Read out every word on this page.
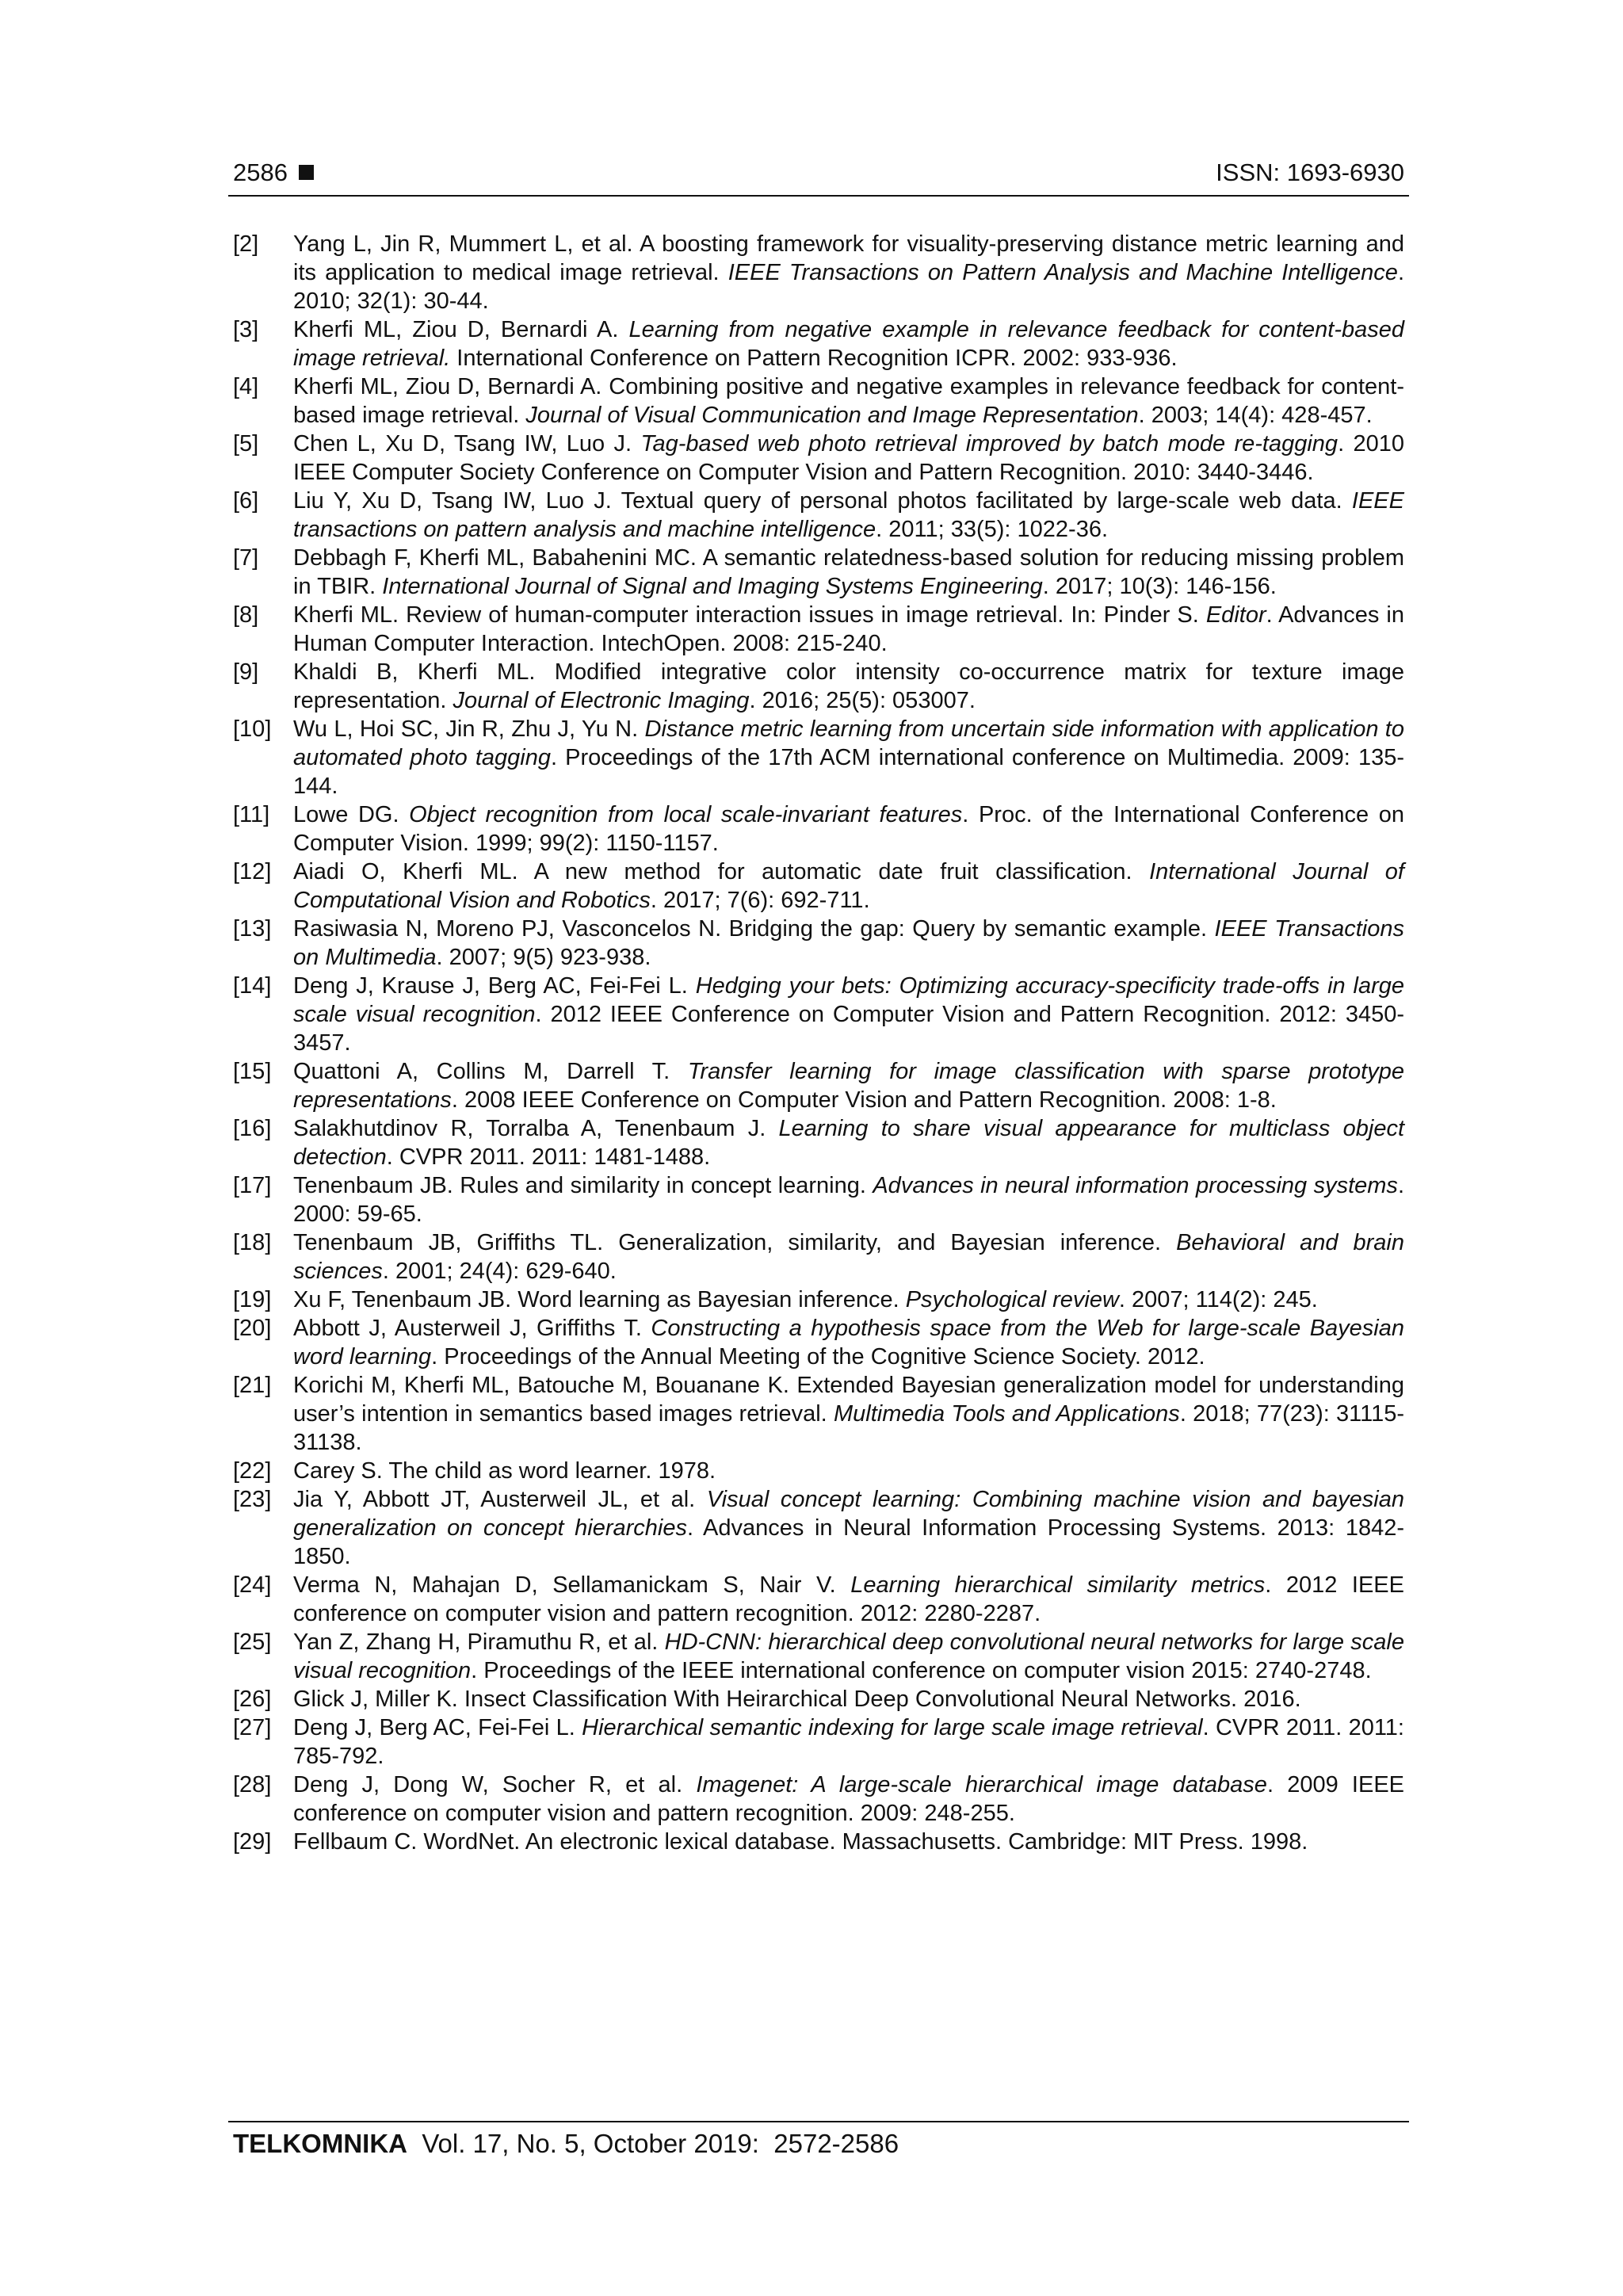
2586	ISSN: 1693-6930
[2]	Yang L, Jin R, Mummert L, et al. A boosting framework for visuality-preserving distance metric learning and its application to medical image retrieval. IEEE Transactions on Pattern Analysis and Machine Intelligence. 2010; 32(1): 30-44.
[3]	Kherfi ML, Ziou D, Bernardi A. Learning from negative example in relevance feedback for content-based image retrieval. International Conference on Pattern Recognition ICPR. 2002: 933-936.
[4]	Kherfi ML, Ziou D, Bernardi A. Combining positive and negative examples in relevance feedback for content-based image retrieval. Journal of Visual Communication and Image Representation. 2003; 14(4): 428-457.
[5]	Chen L, Xu D, Tsang IW, Luo J. Tag-based web photo retrieval improved by batch mode re-tagging. 2010 IEEE Computer Society Conference on Computer Vision and Pattern Recognition. 2010: 3440-3446.
[6]	Liu Y, Xu D, Tsang IW, Luo J. Textual query of personal photos facilitated by large-scale web data. IEEE transactions on pattern analysis and machine intelligence. 2011; 33(5): 1022-36.
[7]	Debbagh F, Kherfi ML, Babahenini MC. A semantic relatedness-based solution for reducing missing problem in TBIR. International Journal of Signal and Imaging Systems Engineering. 2017; 10(3): 146-156.
[8]	Kherfi ML. Review of human-computer interaction issues in image retrieval. In: Pinder S. Editor. Advances in Human Computer Interaction. IntechOpen. 2008: 215-240.
[9]	Khaldi B, Kherfi ML. Modified integrative color intensity co-occurrence matrix for texture image representation. Journal of Electronic Imaging. 2016; 25(5): 053007.
[10] Wu L, Hoi SC, Jin R, Zhu J, Yu N. Distance metric learning from uncertain side information with application to automated photo tagging. Proceedings of the 17th ACM international conference on Multimedia. 2009: 135-144.
[11]	Lowe DG. Object recognition from local scale-invariant features. Proc. of the International Conference on Computer Vision. 1999; 99(2): 1150-1157.
[12] Aiadi O, Kherfi ML. A new method for automatic date fruit classification. International Journal of Computational Vision and Robotics. 2017; 7(6): 692-711.
[13] Rasiwasia N, Moreno PJ, Vasconcelos N. Bridging the gap: Query by semantic example. IEEE Transactions on Multimedia. 2007; 9(5) 923-938.
[14] Deng J, Krause J, Berg AC, Fei-Fei L. Hedging your bets: Optimizing accuracy-specificity trade-offs in large scale visual recognition. 2012 IEEE Conference on Computer Vision and Pattern Recognition. 2012: 3450-3457.
[15] Quattoni A, Collins M, Darrell T. Transfer learning for image classification with sparse prototype representations. 2008 IEEE Conference on Computer Vision and Pattern Recognition. 2008: 1-8.
[16] Salakhutdinov R, Torralba A, Tenenbaum J. Learning to share visual appearance for multiclass object detection. CVPR 2011. 2011: 1481-1488.
[17] Tenenbaum JB. Rules and similarity in concept learning. Advances in neural information processing systems. 2000: 59-65.
[18] Tenenbaum JB, Griffiths TL. Generalization, similarity, and Bayesian inference. Behavioral and brain sciences. 2001; 24(4): 629-640.
[19] Xu F, Tenenbaum JB. Word learning as Bayesian inference. Psychological review. 2007; 114(2): 245.
[20] Abbott J, Austerweil J, Griffiths T. Constructing a hypothesis space from the Web for large-scale Bayesian word learning. Proceedings of the Annual Meeting of the Cognitive Science Society. 2012.
[21] Korichi M, Kherfi ML, Batouche M, Bouanane K. Extended Bayesian generalization model for understanding user’s intention in semantics based images retrieval. Multimedia Tools and Applications. 2018; 77(23): 31115-31138.
[22] Carey S. The child as word learner. 1978.
[23] Jia Y, Abbott JT, Austerweil JL, et al. Visual concept learning: Combining machine vision and bayesian generalization on concept hierarchies. Advances in Neural Information Processing Systems. 2013: 1842-1850.
[24] Verma N, Mahajan D, Sellamanickam S, Nair V. Learning hierarchical similarity metrics. 2012 IEEE conference on computer vision and pattern recognition. 2012: 2280-2287.
[25] Yan Z, Zhang H, Piramuthu R, et al. HD-CNN: hierarchical deep convolutional neural networks for large scale visual recognition. Proceedings of the IEEE international conference on computer vision 2015: 2740-2748.
[26] Glick J, Miller K. Insect Classification With Heirarchical Deep Convolutional Neural Networks. 2016.
[27] Deng J, Berg AC, Fei-Fei L. Hierarchical semantic indexing for large scale image retrieval. CVPR 2011. 2011: 785-792.
[28] Deng J, Dong W, Socher R, et al. Imagenet: A large-scale hierarchical image database. 2009 IEEE conference on computer vision and pattern recognition. 2009: 248-255.
[29] Fellbaum C. WordNet. An electronic lexical database. Massachusetts. Cambridge: MIT Press. 1998.
TELKOMNIKA  Vol. 17, No. 5, October 2019:  2572-2586
